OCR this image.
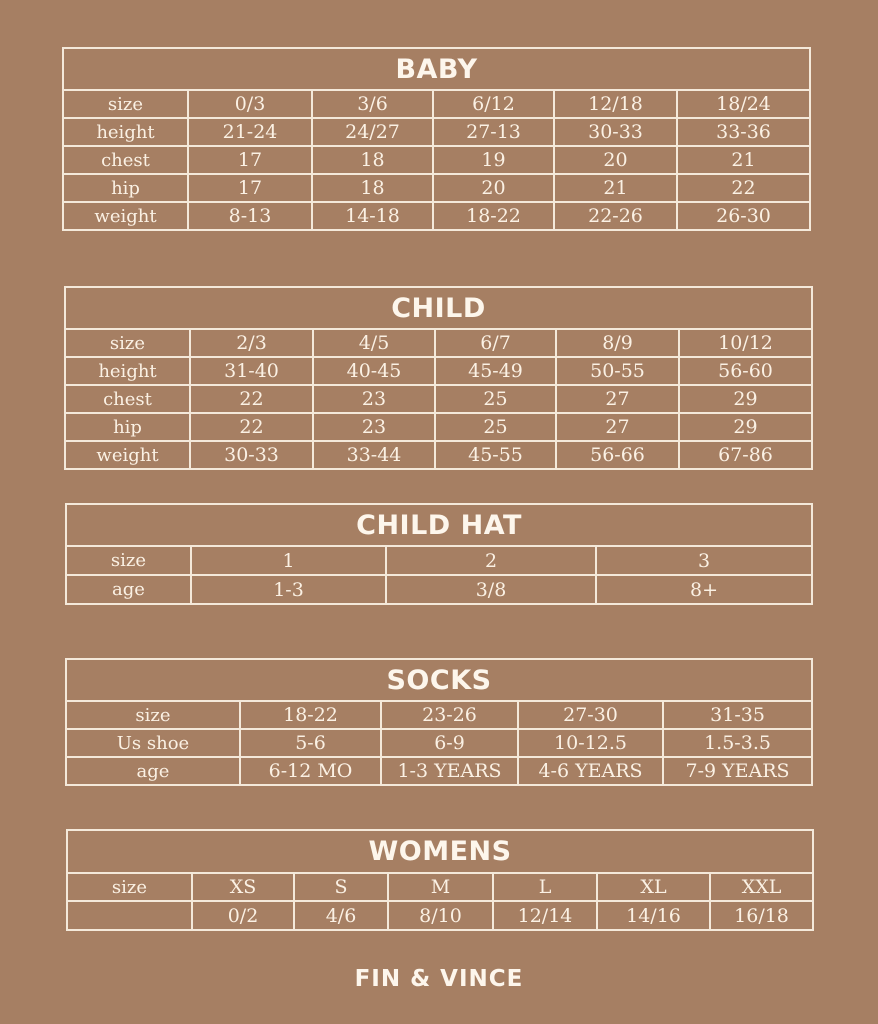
BABY					
size	0/3	3/6	6/12	12/18	18/24
height	21-24	24/27	27-13	30-33	33-36
chest	17	18	19	20	21
hip	17	18	20	21	22
weight	8-13	14-18	18-22	22-26	26-30
CHILD					
size	2/3	4/5	6/7	8/9	10/12
height	31-40	40-45	45-49	50-55	56-60
chest	22	23	25	27	29
hip	22	23	25	27	29
weight	30-33	33-44	45-55	56-66	67-86
CHILD HAT			
size	1	2	3
age	1-3	3/8	8+
SOCKS				
size	18-22	23-26	27-30	31-35
Us shoe	5-6	6-9	10-12.5	1.5-3.5
age	6-12 MO	1-3 YEARS	4-6 YEARS	7-9 YEARS
WOMENS						
size	XS	S	M	L	XL	XXL
	0/2	4/6	8/10	12/14	14/16	16/18
FIN & VINCE
